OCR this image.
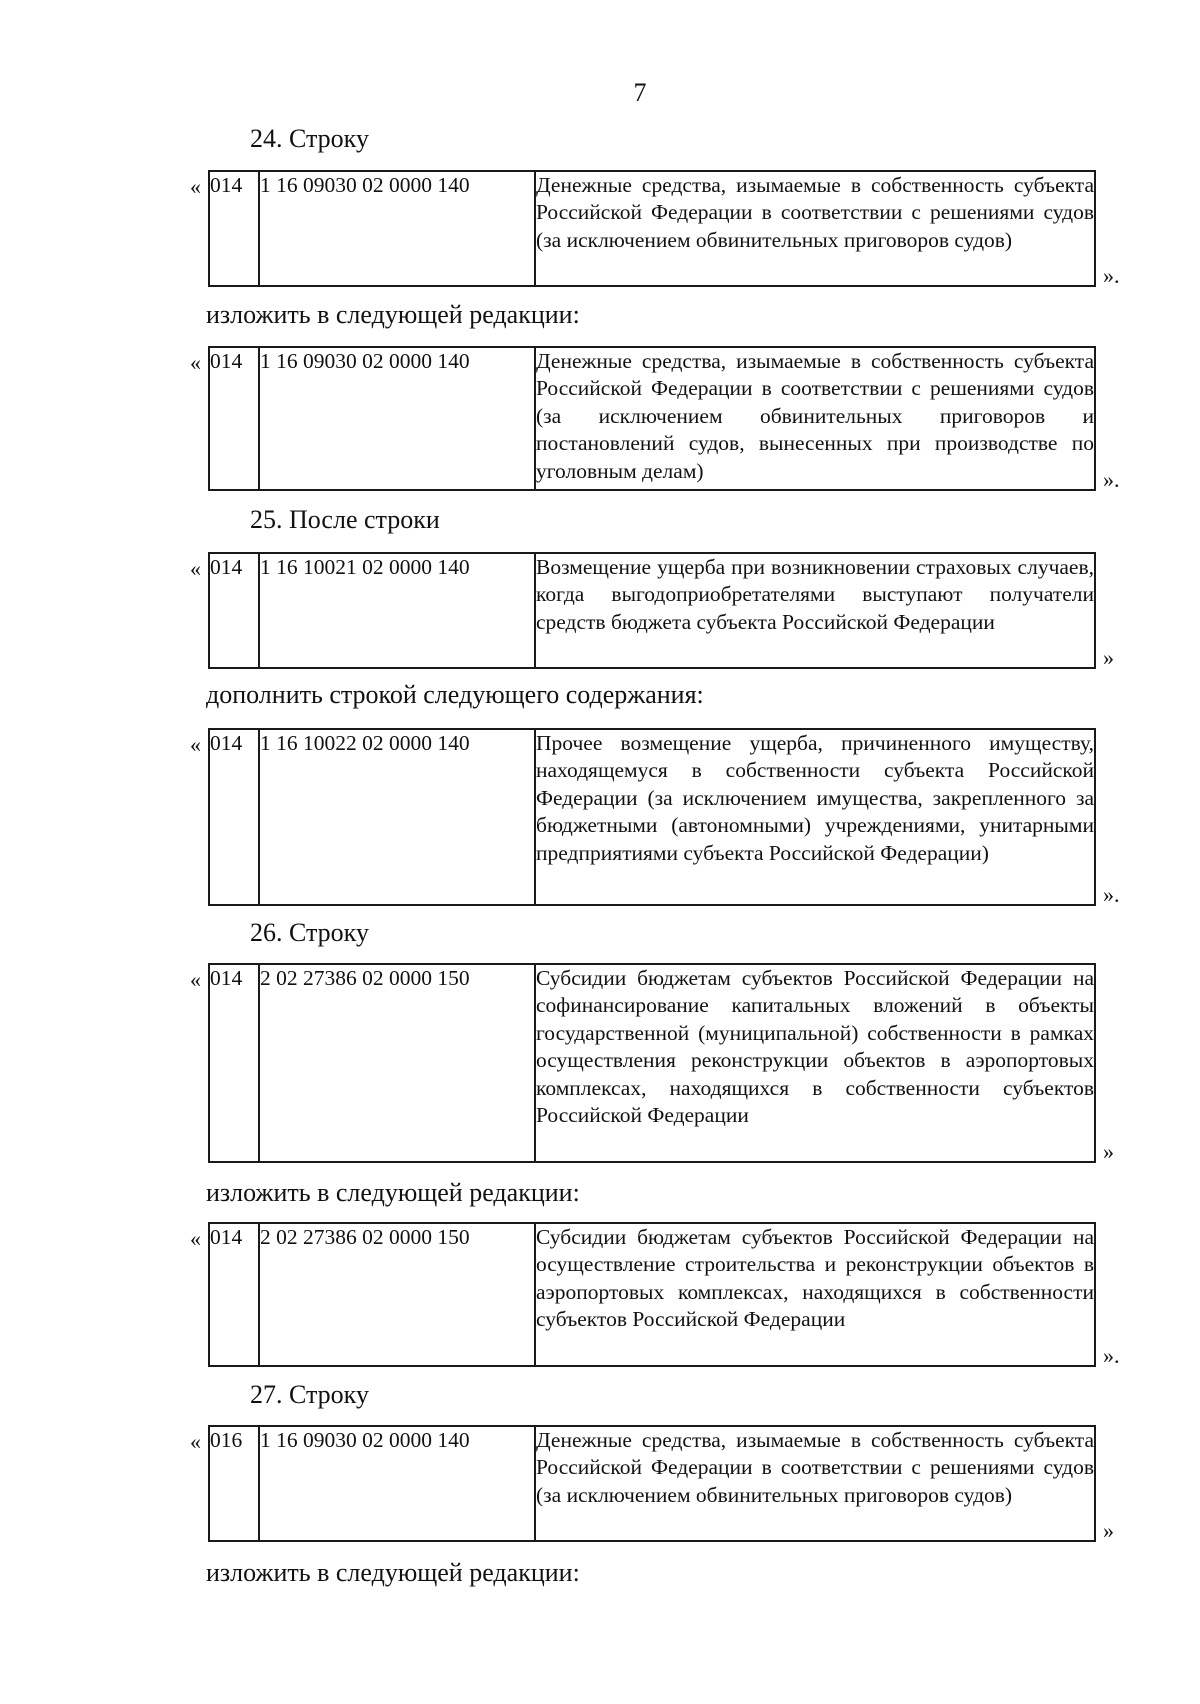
7
24. Строку
« 014	1 16 09030 02 0000 140	Денежные средства, изымаемые в собственность субъекта Российской Федерации в соответствии с решениями судов (за исключением обвинительных приговоров судов)
».
изложить в следующей редакции:
« 014	1 16 09030 02 0000 140	Денежные средства, изымаемые в собственность субъекта Российской Федерации в соответствии с решениями судов (за исключением обвинительных приговоров и постановлений судов, вынесенных при производстве по уголовным делам)	».
25. После строки
« 014	1 16 10021 02 0000 140	Возмещение ущерба при возникновении страховых случаев, когда выгодоприобретателями выступают получатели средств бюджета субъекта Российской Федерации
»
дополнить строкой следующего содержания:
« 014	1 16 10022 02 0000 140	Прочее возмещение ущерба, причиненного имуществу, находящемуся в собственности субъекта Российской Федерации (за исключением имущества, закрепленного за бюджетными (автономными) учреждениями, унитарными предприятиями субъекта Российской Федерации)
».
26. Строку
« 014	2 02 27386 02 0000 150	Субсидии бюджетам субъектов Российской Федерации на софинансирование капитальных вложений в объекты государственной (муниципальной) собственности в рамках осуществления реконструкции объектов в аэропортовых комплексах, находящихся в собственности субъектов Российской Федерации
»
изложить в следующей редакции:
« 014	2 02 27386 02 0000 150	Субсидии бюджетам субъектов Российской Федерации на осуществление строительства и реконструкции объектов в аэропортовых комплексах, находящихся в собственности субъектов Российской Федерации
».
27. Строку
« 016	1 16 09030 02 0000 140	Денежные средства, изымаемые в собственность субъекта Российской Федерации в соответствии с решениями судов (за исключением обвинительных приговоров судов)
»
изложить в следующей редакции:
